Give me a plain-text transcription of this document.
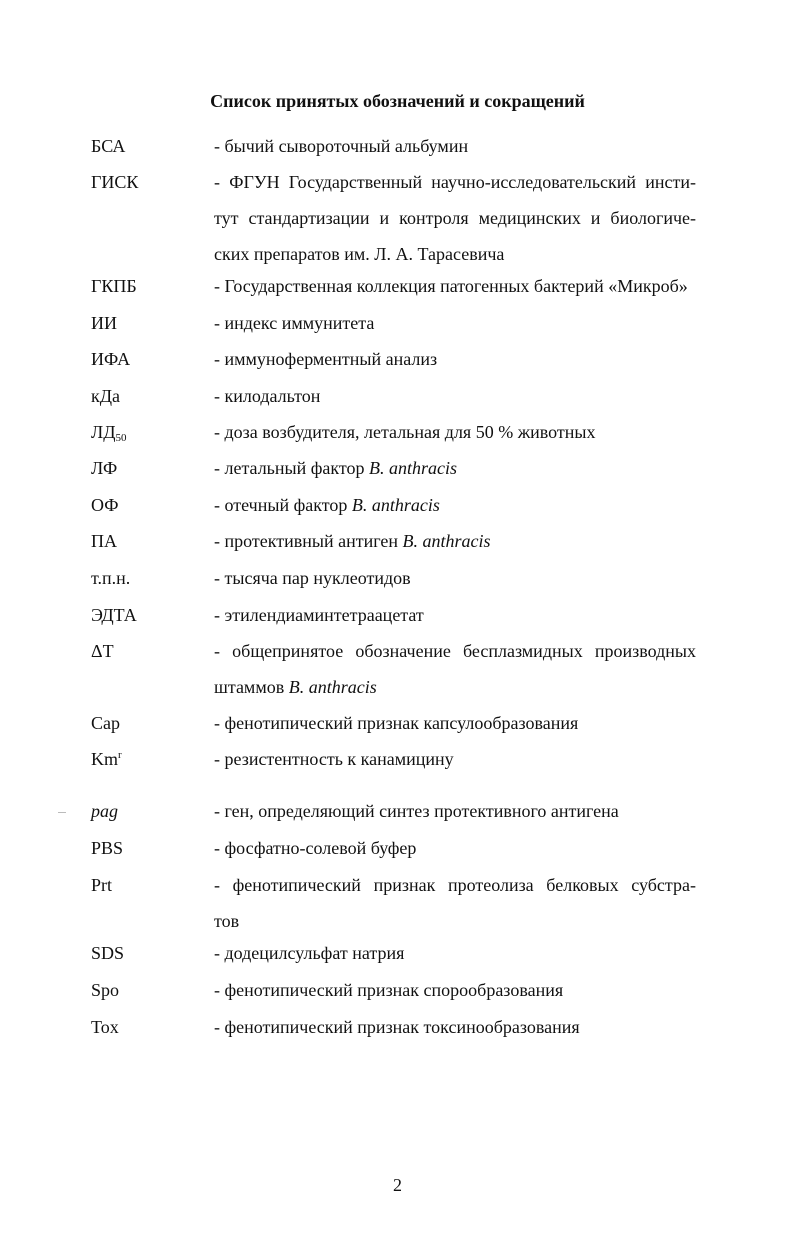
Список принятых обозначений и сокращений
БСА	- бычий сывороточный альбумин
ГИСК	- ФГУН Государственный научно-исследовательский инсти-
тут стандартизации и контроля медицинских и биологиче-
ских препаратов им. Л. А. Тарасевича
ГКПБ	- Государственная коллекция патогенных бактерий «Микроб»
ИИ	- индекс иммунитета
ИФА	- иммуноферментный анализ
кДа	- килодальтон
$ЛД_{50}$	- доза возбудителя, летальная для 50 % животных
ЛФ	- летальный фактор B. anthracis
ОФ	- отечный фактор B. anthracis
ПА	- протективный антиген B. anthracis
т.п.н.	- тысяча пар нуклеотидов
ЭДТА	- этилендиаминтетраацетат
ΔТ	- общепринятое обозначение бесплазмидных производных
штаммов B. anthracis
Cap	- фенотипический признак капсулообразования
Km$^r$	- резистентность к канамицину
pag	- ген, определяющий синтез протективного антигена
PBS	- фосфатно-солевой буфер
Prt	- фенотипический признак протеолиза белковых субстра-
тов
SDS	- додецилсульфат натрия
Spo	- фенотипический признак спорообразования
Tox	- фенотипический признак токсинообразования
2
